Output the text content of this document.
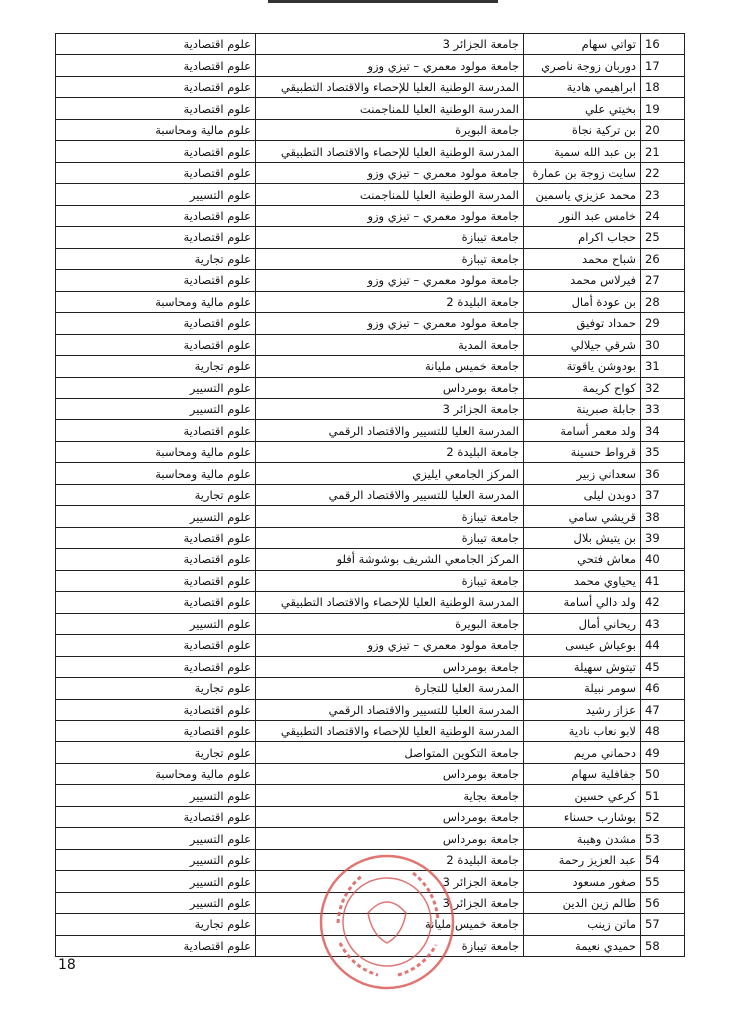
علوم اقتصادية	جامعة الجزائر 3	تواتي سهام	16
علوم اقتصادية	جامعة مولود معمري – تيزي وزو	دوربان زوجة ناصري	17
علوم اقتصادية	المدرسة الوطنية العليا للإحصاء والاقتصاد التطبيقي	ابراهيمي هادية	18
علوم اقتصادية	المدرسة الوطنية العليا للمناجمنت	بخيتي علي	19
علوم مالية ومحاسبة	جامعة البويرة	بن تركية نجاة	20
علوم اقتصادية	المدرسة الوطنية العليا للإحصاء والاقتصاد التطبيقي	بن عبد الله سمية	21
علوم اقتصادية	جامعة مولود معمري – تيزي وزو	سايت زوجة بن عمارة	22
علوم التسيير	المدرسة الوطنية العليا للمناجمنت	محمد عزيزي ياسمين	23
علوم اقتصادية	جامعة مولود معمري – تيزي وزو	خامس عبد النور	24
علوم اقتصادية	جامعة تيبازة	حجاب اكرام	25
علوم تجارية	جامعة تيبازة	شباح محمد	26
علوم اقتصادية	جامعة مولود معمري – تيزي وزو	فيرلاس محمد	27
علوم مالية ومحاسبة	جامعة البليدة 2	بن عودة أمال	28
علوم اقتصادية	جامعة مولود معمري – تيزي وزو	حمداد توفيق	29
علوم اقتصادية	جامعة المدية	شرقي جيلالي	30
علوم تجارية	جامعة خميس مليانة	بودوشن ياقوتة	31
علوم التسيير	جامعة بومرداس	كواح كريمة	32
علوم التسيير	جامعة الجزائر 3	جابلة صبرينة	33
علوم اقتصادية	المدرسة العليا للتسيير والاقتصاد الرقمي	ولد معمر أسامة	34
علوم مالية ومحاسبة	جامعة البليدة 2	قرواط حسينة	35
علوم مالية ومحاسبة	المركز الجامعي ايليزي	سعداني زبير	36
علوم تجارية	المدرسة العليا للتسيير والاقتصاد الرقمي	دوبدن ليلى	37
علوم التسيير	جامعة تيبازة	قريشي سامي	38
علوم اقتصادية	جامعة تيبازة	بن يتيش بلال	39
علوم اقتصادية	المركز الجامعي الشريف بوشوشة أفلو	معاش فتحي	40
علوم اقتصادية	جامعة تيبازة	يحياوي محمد	41
علوم اقتصادية	المدرسة الوطنية العليا للإحصاء والاقتصاد التطبيقي	ولد دالي أسامة	42
علوم التسيير	جامعة البويرة	ريحاني أمال	43
علوم اقتصادية	جامعة مولود معمري – تيزي وزو	بوعياش عيسى	44
علوم اقتصادية	جامعة بومرداس	تيتوش سهيلة	45
علوم تجارية	المدرسة العليا للتجارة	سومر نبيلة	46
علوم اقتصادية	المدرسة العليا للتسيير والاقتصاد الرقمي	عزاز رشيد	47
علوم اقتصادية	المدرسة الوطنية العليا للإحصاء والاقتصاد التطبيقي	لابو نعاب نادية	48
علوم تجارية	جامعة التكوين المتواصل	دحماني مريم	49
علوم مالية ومحاسبة	جامعة بومرداس	جفافلية سهام	50
علوم التسيير	جامعة بجاية	كرعي حسين	51
علوم اقتصادية	جامعة بومرداس	بوشارب حسناء	52
علوم التسيير	جامعة بومرداس	مشدن وهيبة	53
علوم التسيير	جامعة البليدة 2	عبد العزيز رحمة	54
علوم التسيير	جامعة الجزائر 3	صغور مسعود	55
علوم التسيير	جامعة الجزائر 3	طالم زين الدين	56
علوم تجارية	جامعة خميس مليانة	ماتن زينب	57
علوم اقتصادية	جامعة تيبازة	حميدي نعيمة	58
18
